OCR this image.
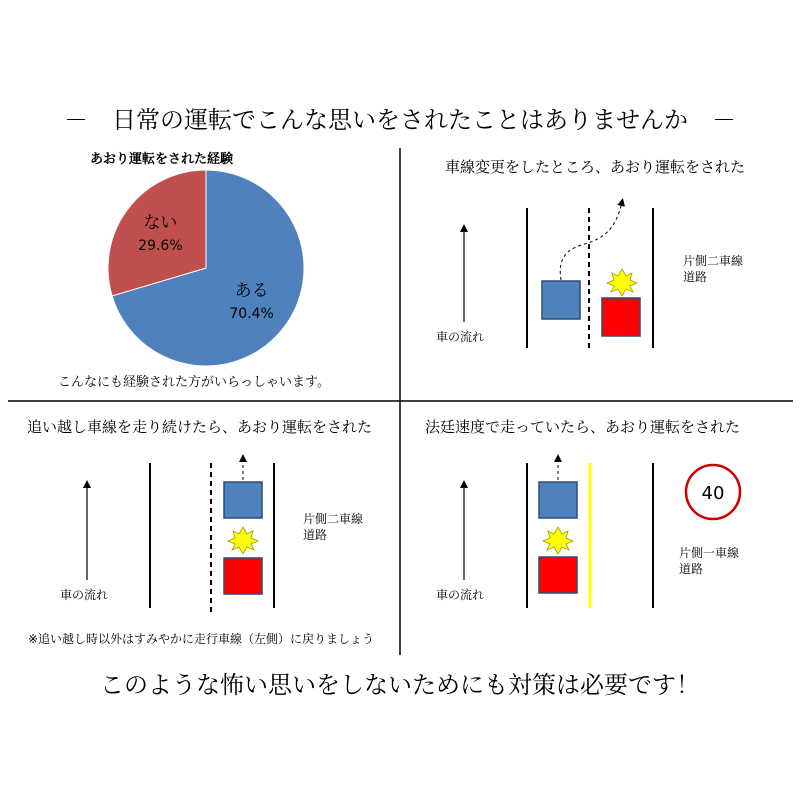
－　日常の運転でこんな思いをされたことはありませんか　－
ある
70.4%
ない
29.6%
40
あおり運転をされた経験
こんなにも経験された方がいらっしゃいます。
車線変更をしたところ、あおり運転をされた
車の流れ
片側二車線
道路
追い越し車線を走り続けたら、あおり運転をされた
車の流れ
片側二車線
道路
※追い越し時以外はすみやかに走行車線（左側）に戻りましょう
法廷速度で走っていたら、あおり運転をされた
車の流れ
片側一車線
道路
このような怖い思いをしないためにも対策は必要です！
